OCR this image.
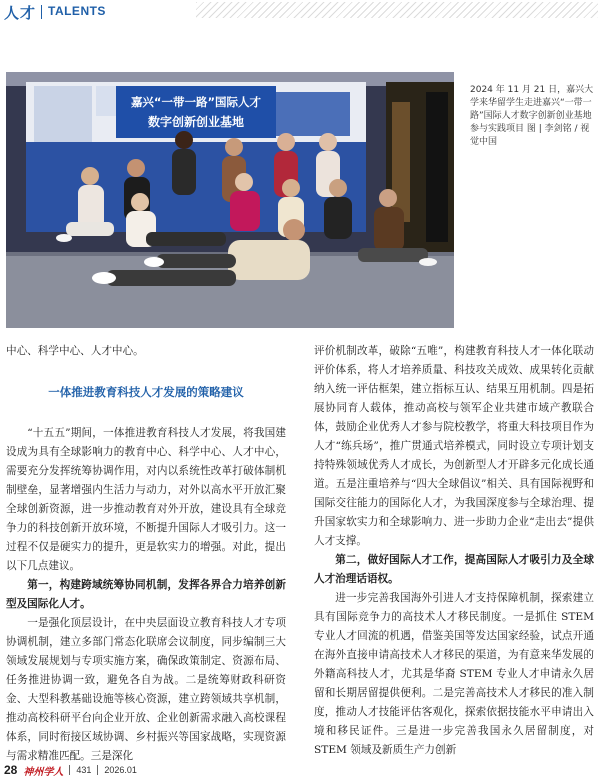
人才 TALENTS
嘉兴“一带一路”国际人才
数字创新创业基地
2024 年 11 月 21 日，嘉兴大学来华留学生走进嘉兴“一带一路”国际人才数字创新创业基地参与实践项目 图 | 李剑铭 / 视觉中国

中心、科学中心、人才中心。

一体推进教育科技人才发展的策略建议

“十五五”期间，一体推进教育科技人才发展，将我国建设成为具有全球影响力的教育中心、科学中心、人才中心，需要充分发挥统筹协调作用，对内以系统性改革打破体制机制壁垒，显著增强内生活力与动力，对外以高水平开放汇聚全球创新资源，进一步推动教育对外开放，建设具有全球竞争力的科技创新开放环境，不断提升国际人才吸引力。这一过程不仅是硬实力的提升，更是软实力的增强。对此，提出以下几点建议。

第一，构建跨域统筹协同机制，发挥各界合力培养创新型及国际化人才。

一是强化顶层设计，在中央层面设立教育科技人才专项协调机制，建立多部门常态化联席会议制度，同步编制三大领域发展规划与专项实施方案，确保政策制定、资源布局、任务推进协调一致，避免各自为战。二是统筹财政科研资金、大型科教基础设施等核心资源，建立跨领域共享机制，推动高校科研平台向企业开放、企业创新需求融入高校课程体系，同时衔接区域协调、乡村振兴等国家战略，实现资源与需求精准匹配。三是深化

评价机制改革，破除“五唯”，构建教育科技人才一体化联动评价体系，将人才培养质量、科技攻关成效、成果转化贡献纳入统一评估框架，建立指标互认、结果互用机制。四是拓展协同育人载体，推动高校与领军企业共建市域产教联合体，鼓励企业优秀人才参与院校教学，将重大科技项目作为人才“练兵场”，推广贯通式培养模式，同时设立专项计划支持特殊领域优秀人才成长，为创新型人才开辟多元化成长通道。五是注重培养与“四大全球倡议”相关、具有国际视野和国际交往能力的国际化人才，为我国深度参与全球治理、提升国家软实力和全球影响力、进一步助力企业“走出去”提供人才支撑。

第二，做好国际人才工作，提高国际人才吸引力及全球人才治理话语权。

进一步完善我国海外引进人才支持保障机制，探索建立具有国际竞争力的高技术人才移民制度。一是抓住 STEM 专业人才回流的机遇，借鉴美国等发达国家经验，试点开通在海外直接申请高技术人才移民的渠道，为有意来华发展的外籍高科技人才，尤其是华裔 STEM 专业人才申请永久居留和长期居留提供便利。二是完善高技术人才移民的准入制度，推动人才技能评估客观化，探索依据技能水平申请出入境和移民证件。三是进一步完善我国永久居留制度，对 STEM 领域及新质生产力创新

28 神州学人 431 2026.01
